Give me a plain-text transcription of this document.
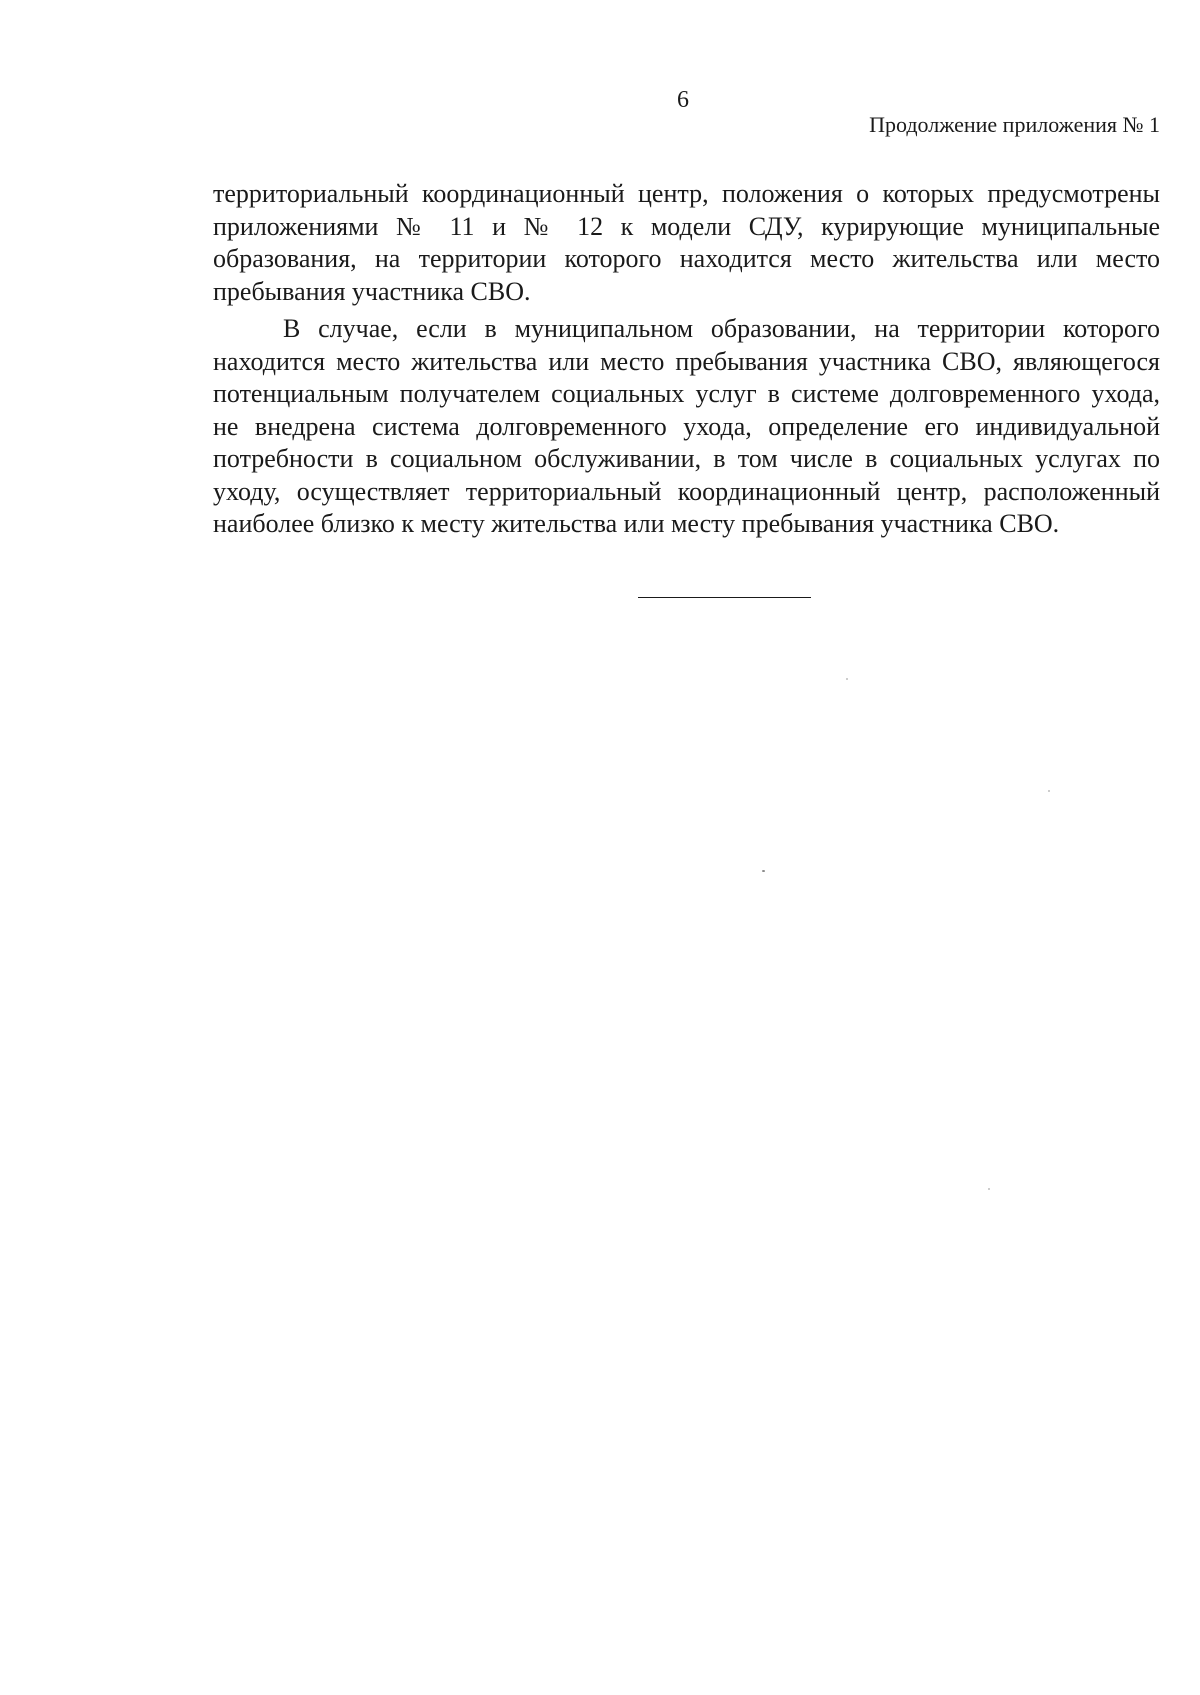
6
Продолжение приложения № 1

территориальный координационный центр, положения о которых предусмотрены приложениями № 11 и № 12 к модели СДУ, курирующие муниципальные образования, на территории которого находится место жительства или место пребывания участника СВО.

В случае, если в муниципальном образовании, на территории которого находится место жительства или место пребывания участника СВО, являющегося потенциальным получателем социальных услуг в системе долговременного ухода, не внедрена система долговременного ухода, определение его индивидуальной потребности в социальном обслуживании, в том числе в социальных услугах по уходу, осуществляет территориальный координационный центр, расположенный наиболее близко к месту жительства или месту пребывания участника СВО.
